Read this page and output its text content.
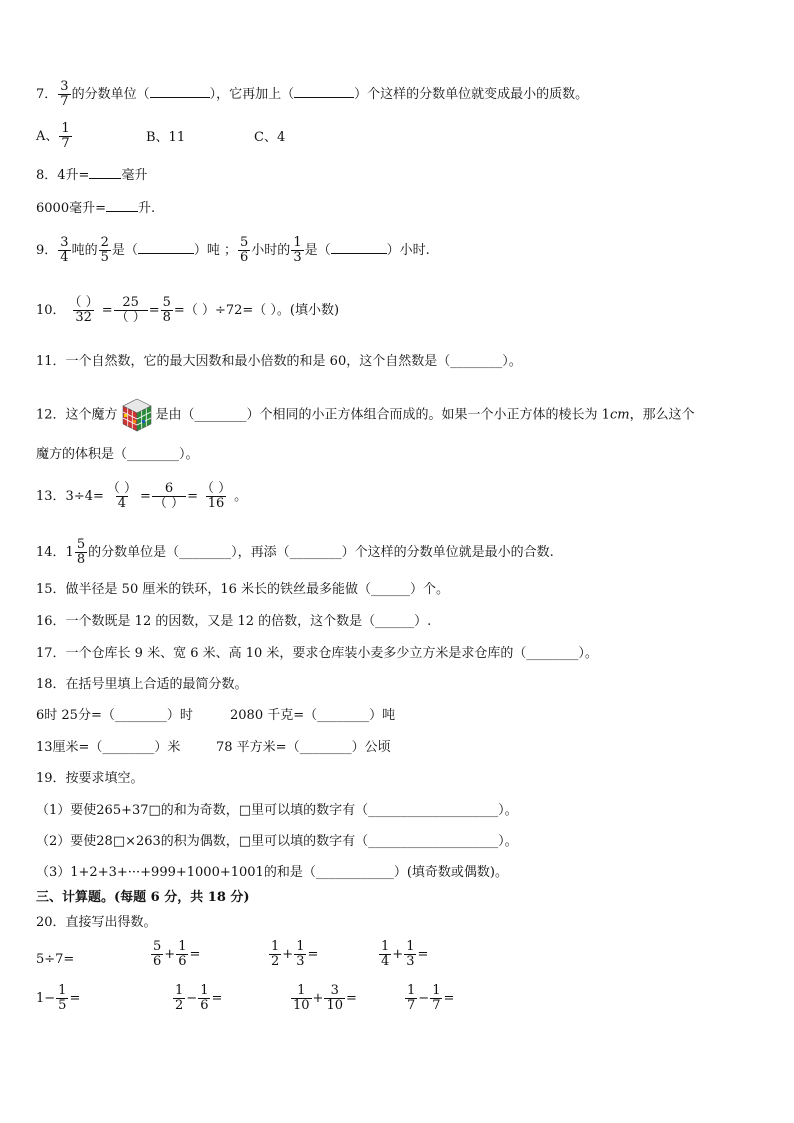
7． $\frac{3}{7}$ 的分数单位（	），它再加上（	）个这样的分数单位就变成最小的质数。
A、 $\frac{1}{7}$	B、11	C、4
8．4升= 毫升
6000毫升= 升.
9． $\frac{3}{4}$ 吨的 $\frac{2}{5}$ 是（	）吨 ； $\frac{5}{6}$ 小时的 $\frac{1}{3}$ 是（	）小时.
10． $\frac{( )}{32} = \frac{25}{( )} = \frac{5}{8}$ =（ ）÷72=（ ）。(填小数)
11．一个自然数，它的最大因数和最小倍数的和是 60，这个自然数是（________）。
12．这个魔方	是由（________）个相同的小正方体组合而成的。如果一个小正方体的棱长为 1cm，那么这个
魔方的体积是（________）。
13．$3\div 4= \frac{( )}{4} = \frac{6}{( )} = \frac{( )}{16}$ 。
14．$1 \frac{5}{8}$ 的分数单位是（________），再添（________）个这样的分数单位就是最小的合数.
15．做半径是 50 厘米的铁环，16 米长的铁丝最多能做（______）个。
16．一个数既是 12 的因数，又是 12 的倍数，这个数是（______）.
17．一个仓库长 9 米、宽 6 米、高 10 米，要求仓库装小麦多少立方米是求仓库的（________）。
18．在括号里填上合适的最简分数。
6时 25分=（________）时	2080 千克=（________）吨
13厘米=（________）米	78 平方米=（________）公顷
19．按要求填空。
（1）要使265+37□的和为奇数，□里可以填的数字有（____________________）。
（2）要使28□×263的积为偶数，□里可以填的数字有（____________________）。
（3）1+2+3+···+999+1000+1001的和是（____________）(填奇数或偶数)。
三、计算题。(每题 6 分，共 18 分)
20．直接写出得数。
5÷7=	$\frac{5}{6} + \frac{1}{6}$ =	$\frac{1}{2} + \frac{1}{3}$ =	$\frac{1}{4} + \frac{1}{3}$ =
$1- \frac{1}{5}$ =	$\frac{1}{2} - \frac{1}{6}$ =	$\frac{1}{10} + \frac{3}{10}$ =	$\frac{1}{7} - \frac{1}{7}$ =
